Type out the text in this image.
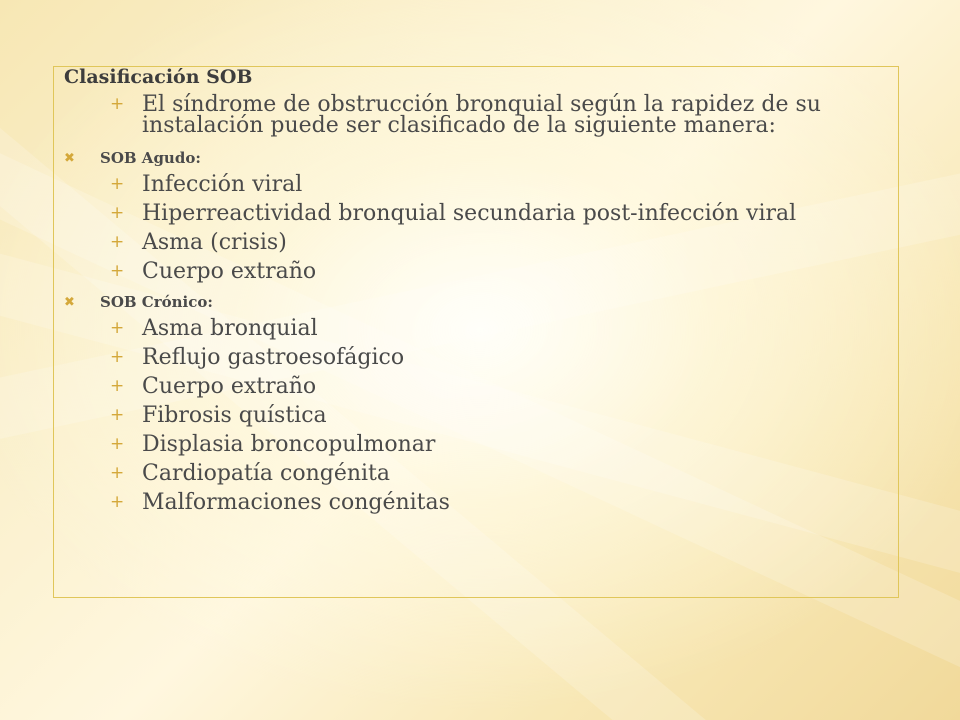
Clasificación SOB
+ El síndrome de obstrucción bronquial según la rapidez de su instalación puede ser clasificado de la siguiente manera:
✖ SOB Agudo:
+ Infección viral
+ Hiperreactividad bronquial secundaria post-infección viral
+ Asma (crisis)
+ Cuerpo extraño
✖ SOB Crónico:
+ Asma bronquial
+ Reflujo gastroesofágico
+ Cuerpo extraño
+ Fibrosis quística
+ Displasia broncopulmonar
+ Cardiopatía congénita
+ Malformaciones congénitas
